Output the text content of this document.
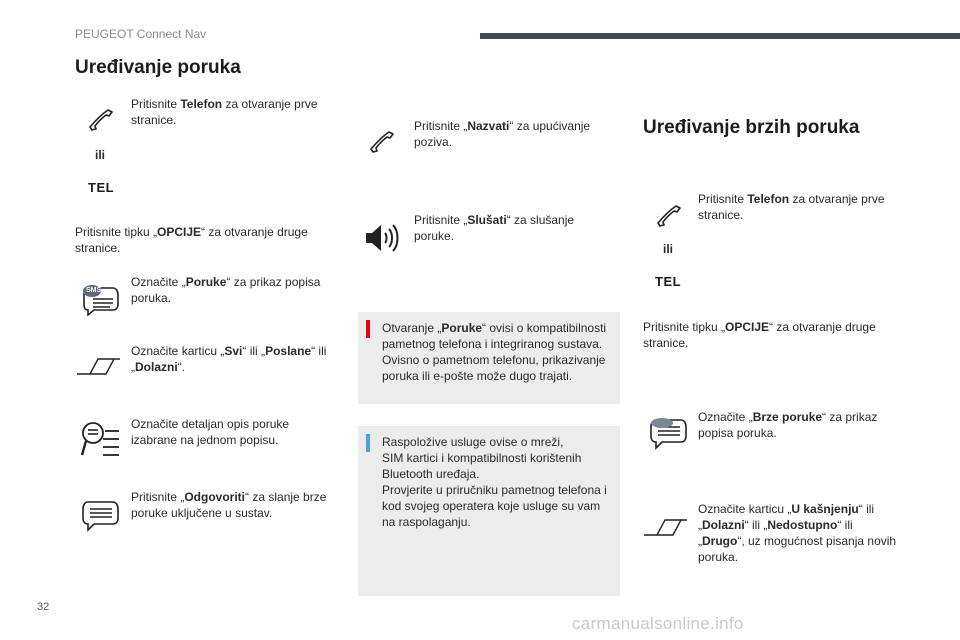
PEUGEOT Connect Nav
Uređivanje poruka
Pritisnite Telefon za otvaranje prve stranice.
ili
TEL
Pritisnite tipku „OPCIJE“ za otvaranje druge stranice.
SMS
Označite „Poruke“ za prikaz popisa poruka.
Označite karticu „Svi“ ili „Poslane“ ili „Dolazni“.
Označite detaljan opis poruke izabrane na jednom popisu.
Pritisnite „Odgovoriti“ za slanje brze poruke uključene u sustav.
Pritisnite „Nazvati“ za upućivanje poziva.
Pritisnite „Slušati“ za slušanje poruke.
Otvaranje „Poruke“ ovisi o kompatibilnosti pametnog telefona i integriranog sustava. Ovisno o pametnom telefonu, prikazivanje poruka ili e-pošte može dugo trajati.
Raspoložive usluge ovise o mreži,
SIM kartici i kompatibilnosti korištenih Bluetooth uređaja.
Provjerite u priručniku pametnog telefona i kod svojeg operatera koje usluge su vam na raspolaganju.
Uređivanje brzih poruka
Pritisnite Telefon za otvaranje prve stranice.
ili
TEL
Pritisnite tipku „OPCIJE“ za otvaranje druge stranice.
Označite „Brze poruke“ za prikaz popisa poruka.
Označite karticu „U kašnjenju“ ili „Dolazni“ ili „Nedostupno“ ili „Drugo“, uz mogućnost pisanja novih poruka.
32
carmanualsonline.info
